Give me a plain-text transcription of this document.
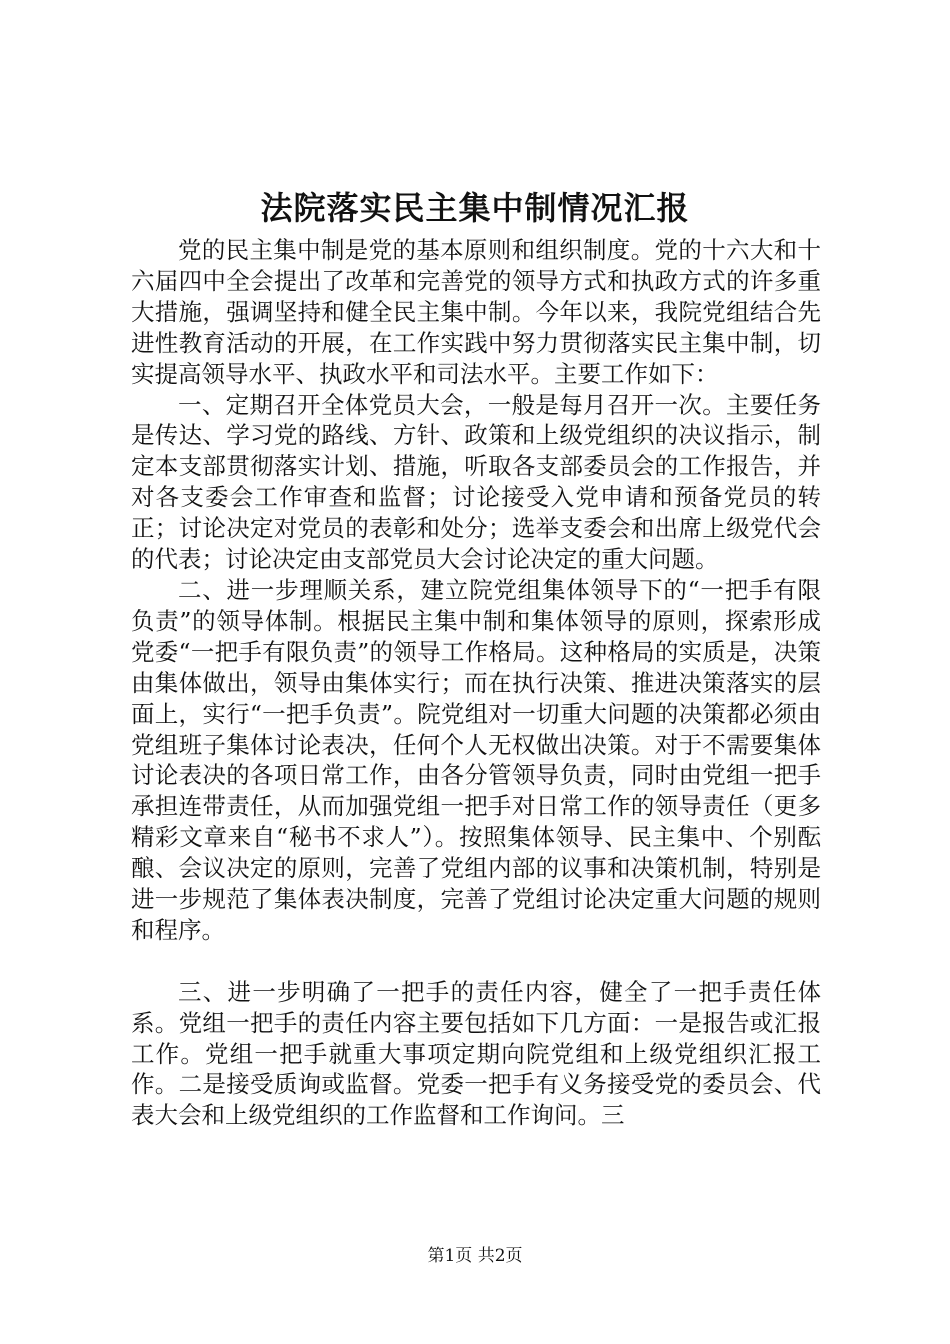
法院落实民主集中制情况汇报

党的民主集中制是党的基本原则和组织制度。党的十六大和十六届四中全会提出了改革和完善党的领导方式和执政方式的许多重大措施，强调坚持和健全民主集中制。今年以来，我院党组结合先进性教育活动的开展，在工作实践中努力贯彻落实民主集中制，切实提高领导水平、执政水平和司法水平。主要工作如下：

一、定期召开全体党员大会，一般是每月召开一次。主要任务是传达、学习党的路线、方针、政策和上级党组织的决议指示，制定本支部贯彻落实计划、措施，听取各支部委员会的工作报告，并对各支委会工作审查和监督；讨论接受入党申请和预备党员的转正；讨论决定对党员的表彰和处分；选举支委会和出席上级党代会的代表；讨论决定由支部党员大会讨论决定的重大问题。

二、进一步理顺关系，建立院党组集体领导下的“一把手有限负责”的领导体制。根据民主集中制和集体领导的原则，探索形成党委“一把手有限负责”的领导工作格局。这种格局的实质是，决策由集体做出，领导由集体实行；而在执行决策、推进决策落实的层面上，实行“一把手负责”。院党组对一切重大问题的决策都必须由党组班子集体讨论表决，任何个人无权做出决策。对于不需要集体讨论表决的各项日常工作，由各分管领导负责，同时由党组一把手承担连带责任，从而加强党组一把手对日常工作的领导责任（更多精彩文章来自“秘书不求人”）。按照集体领导、民主集中、个别酝酿、会议决定的原则，完善了党组内部的议事和决策机制，特别是进一步规范了集体表决制度，完善了党组讨论决定重大问题的规则和程序。

三、进一步明确了一把手的责任内容，健全了一把手责任体系。党组一把手的责任内容主要包括如下几方面：一是报告或汇报工作。党组一把手就重大事项定期向院党组和上级党组织汇报工作。二是接受质询或监督。党委一把手有义务接受党的委员会、代表大会和上级党组织的工作监督和工作询问。三

第1页 共2页
